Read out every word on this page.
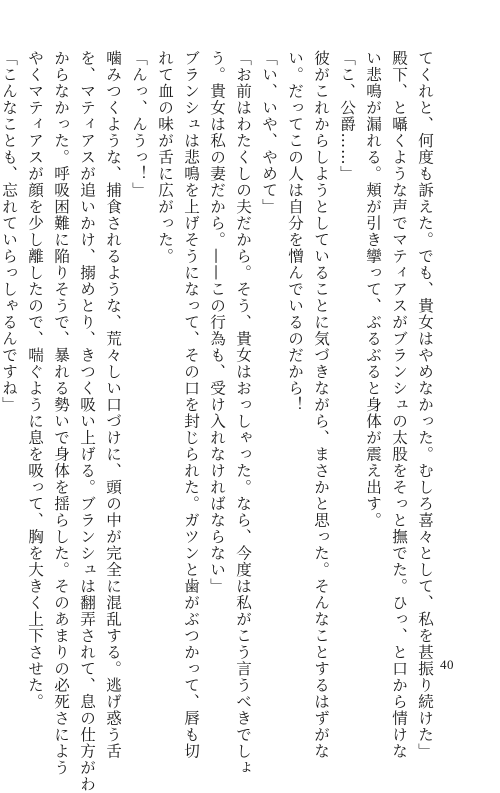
てくれと、何度も訴えた。でも、貴女はやめなかった。むしろ喜々として、私を甚振り続けた」
殿下、と囁くような声でマティアスがブランシュの太股をそっと撫でた。ひっ、と口から情けな
い悲鳴が漏れる。頬が引き攣って、ぶるぶると身体が震え出す。
「こ、公爵……」
彼がこれからしようとしていることに気づきながら、まさかと思った。そんなことするはずがな
い。だってこの人は自分を憎んでいるのだから！
「い、いや、やめて」
「お前はわたくしの夫だから。そう、貴女はおっしゃった。なら、今度は私がこう言うべきでしょ
う。貴女は私の妻だから。——この行為も、受け入れなければならない」
ブランシュは悲鳴を上げそうになって、その口を封じられた。ガツンと歯がぶつかって、唇も切
れて血の味が舌に広がった。
「んっ、んうっ！」
噛みつくような、捕食されるような、荒々しい口づけに、頭の中が完全に混乱する。逃げ惑う舌
を、マティアスが追いかけ、搦めとり、きつく吸い上げる。ブランシュは翻弄されて、息の仕方がわ
からなかった。呼吸困難に陥りそうで、暴れる勢いで身体を揺らした。そのあまりの必死さによう
やくマティアスが顔を少し離したので、喘ぐように息を吸って、胸を大きく上下させた。
「こんなことも、忘れていらっしゃるんですね」
40
